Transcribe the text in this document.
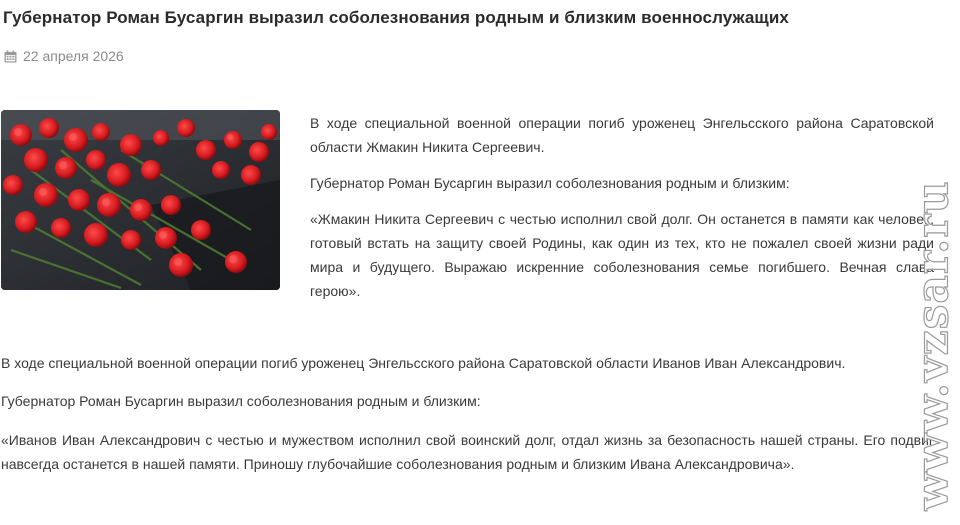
Губернатор Роман Бусаргин выразил соболезнования родным и близким военнослужащих
22 апреля 2026

В ходе специальной военной операции погиб уроженец Энгельсского района Саратовской области Жмакин Никита Сергеевич.

Губернатор Роман Бусаргин выразил соболезнования родным и близким:

«Жмакин Никита Сергеевич с честью исполнил свой долг. Он останется в памяти как человек, готовый встать на защиту своей Родины, как один из тех, кто не пожалел своей жизни ради мира и будущего. Выражаю искренние соболезнования семье погибшего. Вечная слава герою».

В ходе специальной военной операции погиб уроженец Энгельсского района Саратовской области Иванов Иван Александрович.

Губернатор Роман Бусаргин выразил соболезнования родным и близким:

«Иванов Иван Александрович с честью и мужеством исполнил свой воинский долг, отдал жизнь за безопасность нашей страны. Его подвиг навсегда останется в нашей памяти. Приношу глубочайшие соболезнования родным и близким Ивана Александровича».	www.vzsar.ru
